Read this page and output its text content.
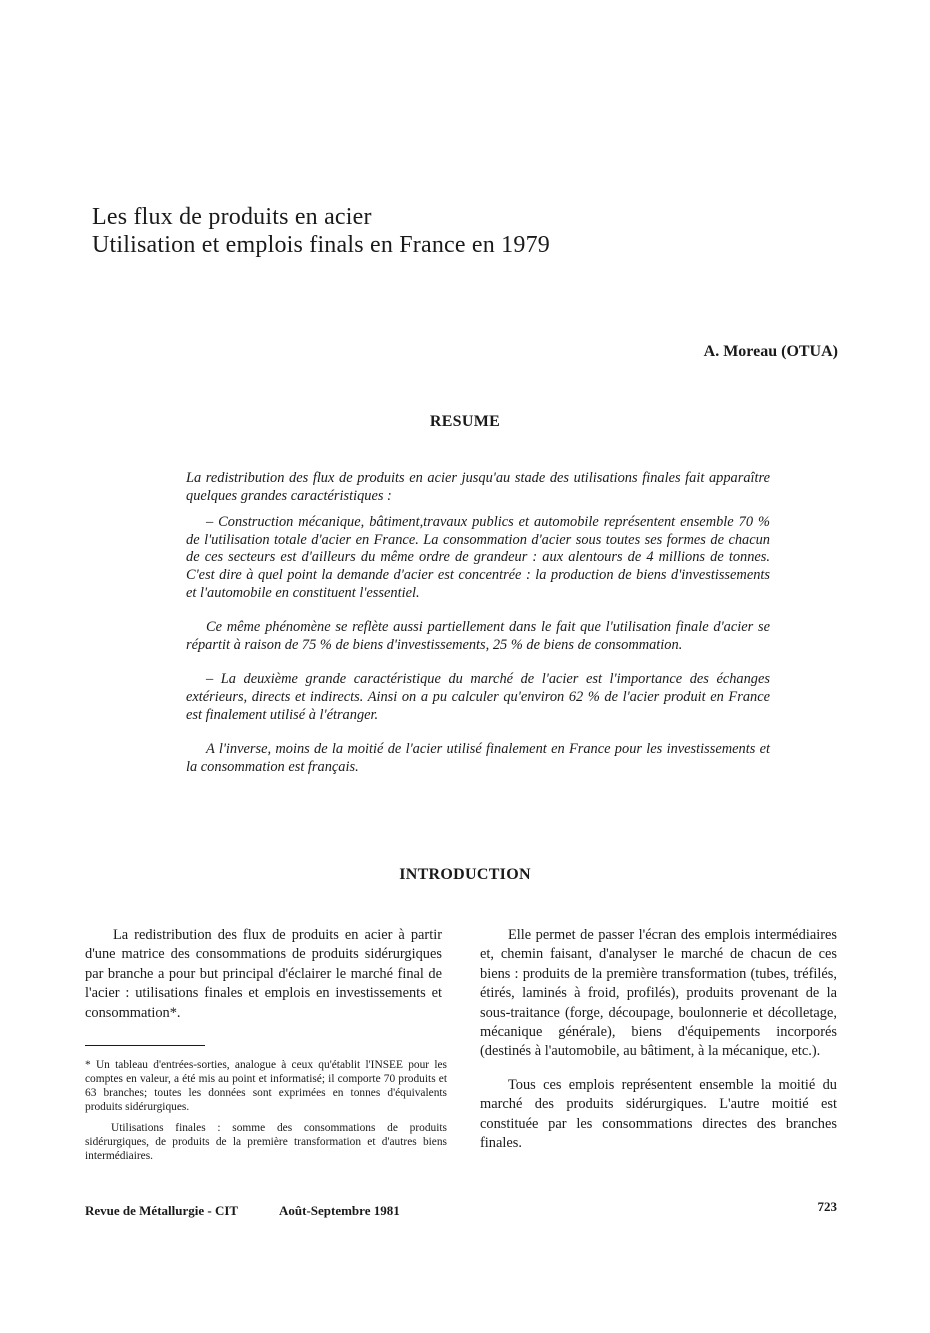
Les flux de produits en acier
Utilisation et emplois finals en France en 1979
A. Moreau (OTUA)
RESUME

La redistribution des flux de produits en acier jusqu'au stade des utilisations finales fait apparaître quelques grandes caractéristiques :

– Construction mécanique, bâtiment,travaux publics et automobile représentent ensemble 70 % de l'utilisation totale d'acier en France. La consommation d'acier sous toutes ses formes de chacun de ces secteurs est d'ailleurs du même ordre de grandeur : aux alentours de 4 millions de tonnes. C'est dire à quel point la demande d'acier est concentrée : la production de biens d'investissements et l'automobile en constituent l'essentiel.

Ce même phénomène se reflète aussi partiellement dans le fait que l'utilisation finale d'acier se répartit à raison de 75 % de biens d'investissements, 25 % de biens de consommation.

– La deuxième grande caractéristique du marché de l'acier est l'importance des échanges extérieurs, directs et indirects. Ainsi on a pu calculer qu'environ 62 % de l'acier produit en France est finalement utilisé à l'étranger.

A l'inverse, moins de la moitié de l'acier utilisé finalement en France pour les investissements et la consommation est français.

INTRODUCTION

La redistribution des flux de produits en acier à partir d'une matrice des consommations de produits sidérurgiques par branche a pour but principal d'éclairer le marché final de l'acier : utilisations finales et emplois en investissements et consommation*.

* Un tableau d'entrées-sorties, analogue à ceux qu'établit l'INSEE pour les comptes en valeur, a été mis au point et informatisé; il comporte 70 produits et 63 branches; toutes les données sont exprimées en tonnes d'équivalents produits sidérurgiques.

Utilisations finales : somme des consommations de produits sidérurgiques, de produits de la première transformation et d'autres biens intermédiaires.

Elle permet de passer l'écran des emplois intermédiaires et, chemin faisant, d'analyser le marché de chacun de ces biens : produits de la première transformation (tubes, tréfilés, étirés, laminés à froid, profilés), produits provenant de la sous-traitance (forge, découpage, boulonnerie et décolletage, mécanique générale), biens d'équipements incorporés (destinés à l'automobile, au bâtiment, à la mécanique, etc.).

Tous ces emplois représentent ensemble la moitié du marché des produits sidérurgiques. L'autre moitié est constituée par les consommations directes des branches finales.

Revue de Métallurgie - CIT	Août-Septembre 1981	723
